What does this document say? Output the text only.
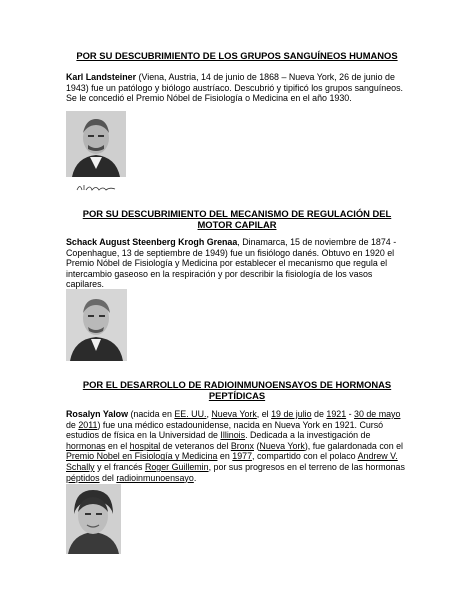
POR SU DESCUBRIMIENTO DE LOS GRUPOS SANGUÍNEOS HUMANOS
Karl Landsteiner (Viena, Austria, 14 de junio de 1868 – Nueva York, 26 de junio de 1943) fue un patólogo y biólogo austríaco. Descubrió y tipificó los grupos sanguíneos. Se le concedió el Premio Nóbel de Fisiología o Medicina en el año 1930.
POR SU DESCUBRIMIENTO DEL MECANISMO DE REGULACIÓN DEL
MOTOR CAPILAR
Schack August Steenberg Krogh Grenaa, Dinamarca, 15 de noviembre de 1874 - Copenhague, 13 de septiembre de 1949) fue un fisiólogo danés. Obtuvo en 1920 el Premio Nóbel de Fisiología y Medicina por establecer el mecanismo que regula el intercambio gaseoso en la respiración y por describir la fisiología de los vasos capilares.
POR EL DESARROLLO DE RADIOINMUNOENSAYOS DE HORMONAS
PEPTÍDICAS
Rosalyn Yalow (nacida en EE. UU., Nueva York, el 19 de julio de 1921 - 30 de mayo de 2011) fue una médico estadounidense, nacida en Nueva York en 1921. Cursó estudios de física en la Universidad de Illinois. Dedicada a la investigación de hormonas en el hospital de veteranos del Bronx (Nueva York), fue galardonada con el Premio Nobel en Fisiología y Medicina en 1977, compartido con el polaco Andrew V. Schally y el francés Roger Guillemin, por sus progresos en el terreno de las hormonas péptidos del radioinmunoensayo.
